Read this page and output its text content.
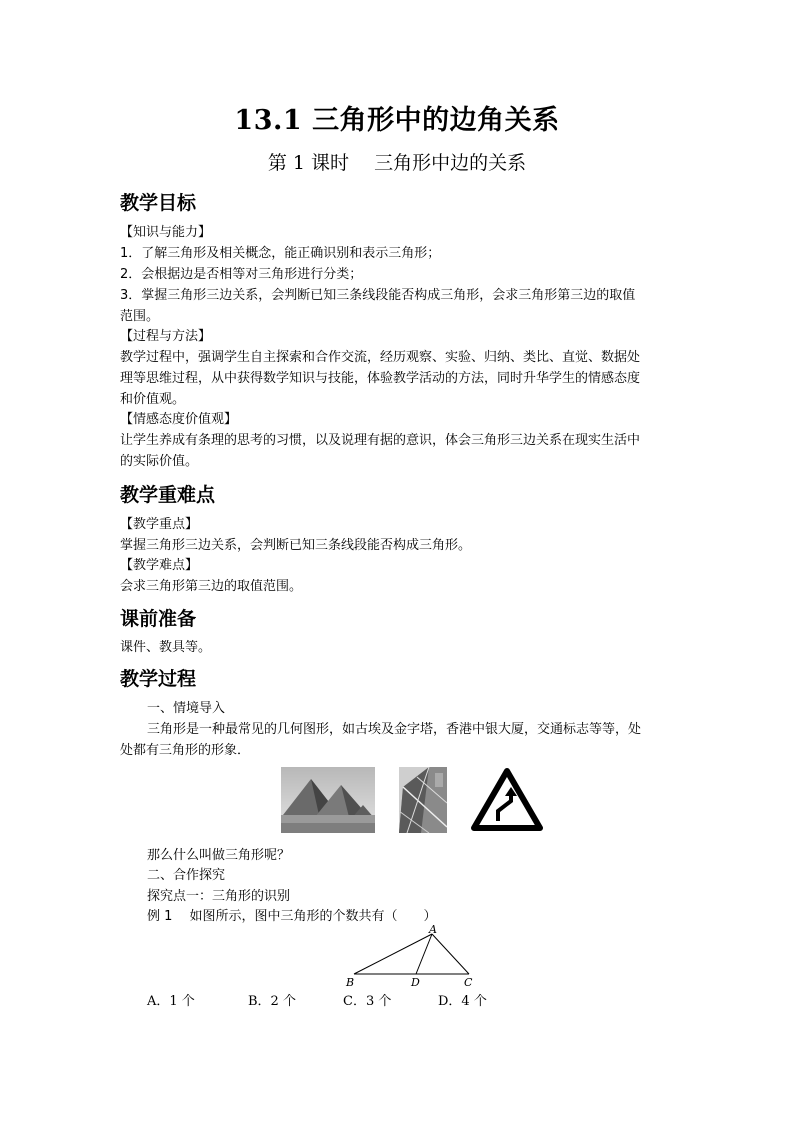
13.1 三角形中的边角关系
第 1 课时　 三角形中边的关系
教学目标
【知识与能力】
1．了解三角形及相关概念，能正确识别和表示三角形；
2．会根据边是否相等对三角形进行分类；
3．掌握三角形三边关系，会判断已知三条线段能否构成三角形，会求三角形第三边的取值
范围。
【过程与方法】
教学过程中，强调学生自主探索和合作交流，经历观察、实验、归纳、类比、直觉、数据处
理等思维过程，从中获得数学知识与技能，体验教学活动的方法，同时升华学生的情感态度
和价值观。
【情感态度价值观】
让学生养成有条理的思考的习惯，以及说理有据的意识，体会三角形三边关系在现实生活中
的实际价值。
教学重难点
【教学重点】
掌握三角形三边关系，会判断已知三条线段能否构成三角形。
【教学难点】
会求三角形第三边的取值范围。
课前准备
课件、教具等。
教学过程
一、情境导入
三角形是一种最常见的几何图形，如古埃及金字塔，香港中银大厦，交通标志等等，处
处都有三角形的形象．
那么什么叫做三角形呢？
二、合作探究
探究点一：三角形的识别
例 1　 如图所示，图中三角形的个数共有（　　）
A
B	D	C
A．1 个	B．2 个	C．3 个	D．4 个
